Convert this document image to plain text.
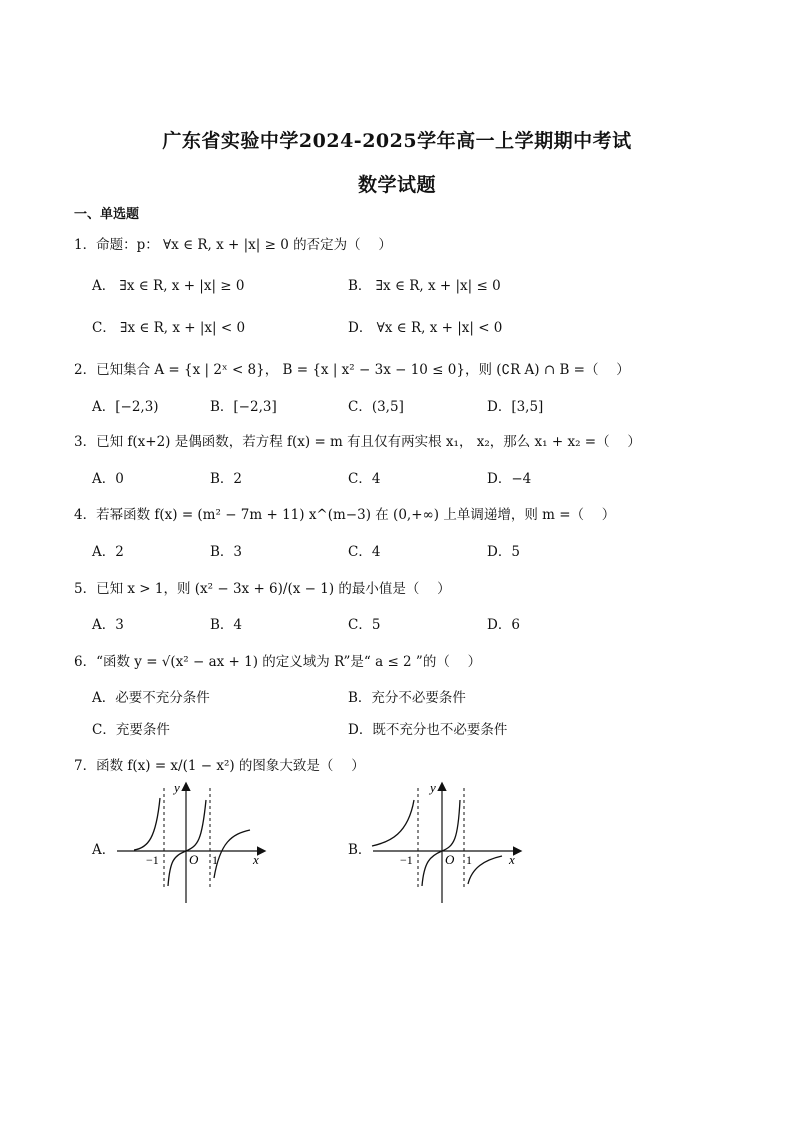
广东省实验中学2024-2025学年高一上学期期中考试
数学试题
一、单选题
1．命题：p： ∀x ∈ R, x + |x| ≥ 0 的否定为（　 ）
A． ∃x ∈ R, x + |x| ≥ 0	B． ∃x ∈ R, x + |x| ≤ 0
C． ∃x ∈ R, x + |x| < 0	D． ∀x ∈ R, x + |x| < 0
2．已知集合 A = {x | 2ˣ < 8}， B = {x | x² − 3x − 10 ≤ 0}，则 (∁R A) ∩ B =（　 ）
A．[−2,3)	B．[−2,3]	C．(3,5]	D．[3,5]
3．已知 f(x+2) 是偶函数，若方程 f(x) = m 有且仅有两实根 x₁， x₂，那么 x₁ + x₂ =（　 ）
A．0	B．2	C．4	D．−4
4．若幂函数 f(x) = (m² − 7m + 11) x^(m−3) 在 (0,+∞) 上单调递增，则 m =（　 ）
A．2	B．3	C．4	D．5
5．已知 x > 1，则 (x² − 3x + 6)/(x − 1) 的最小值是（　 ）
A．3	B．4	C．5	D．6
6．“函数 y = √(x² − ax + 1) 的定义域为 R”是“ a ≤ 2 ”的（　 ）
A．必要不充分条件	B．充分不必要条件
C．充要条件	D．既不充分也不必要条件
7．函数 f(x) = x/(1 − x²) 的图象大致是（　 ）
A．	B．
y
x
O
−1	1
y
x
O
−1	1
